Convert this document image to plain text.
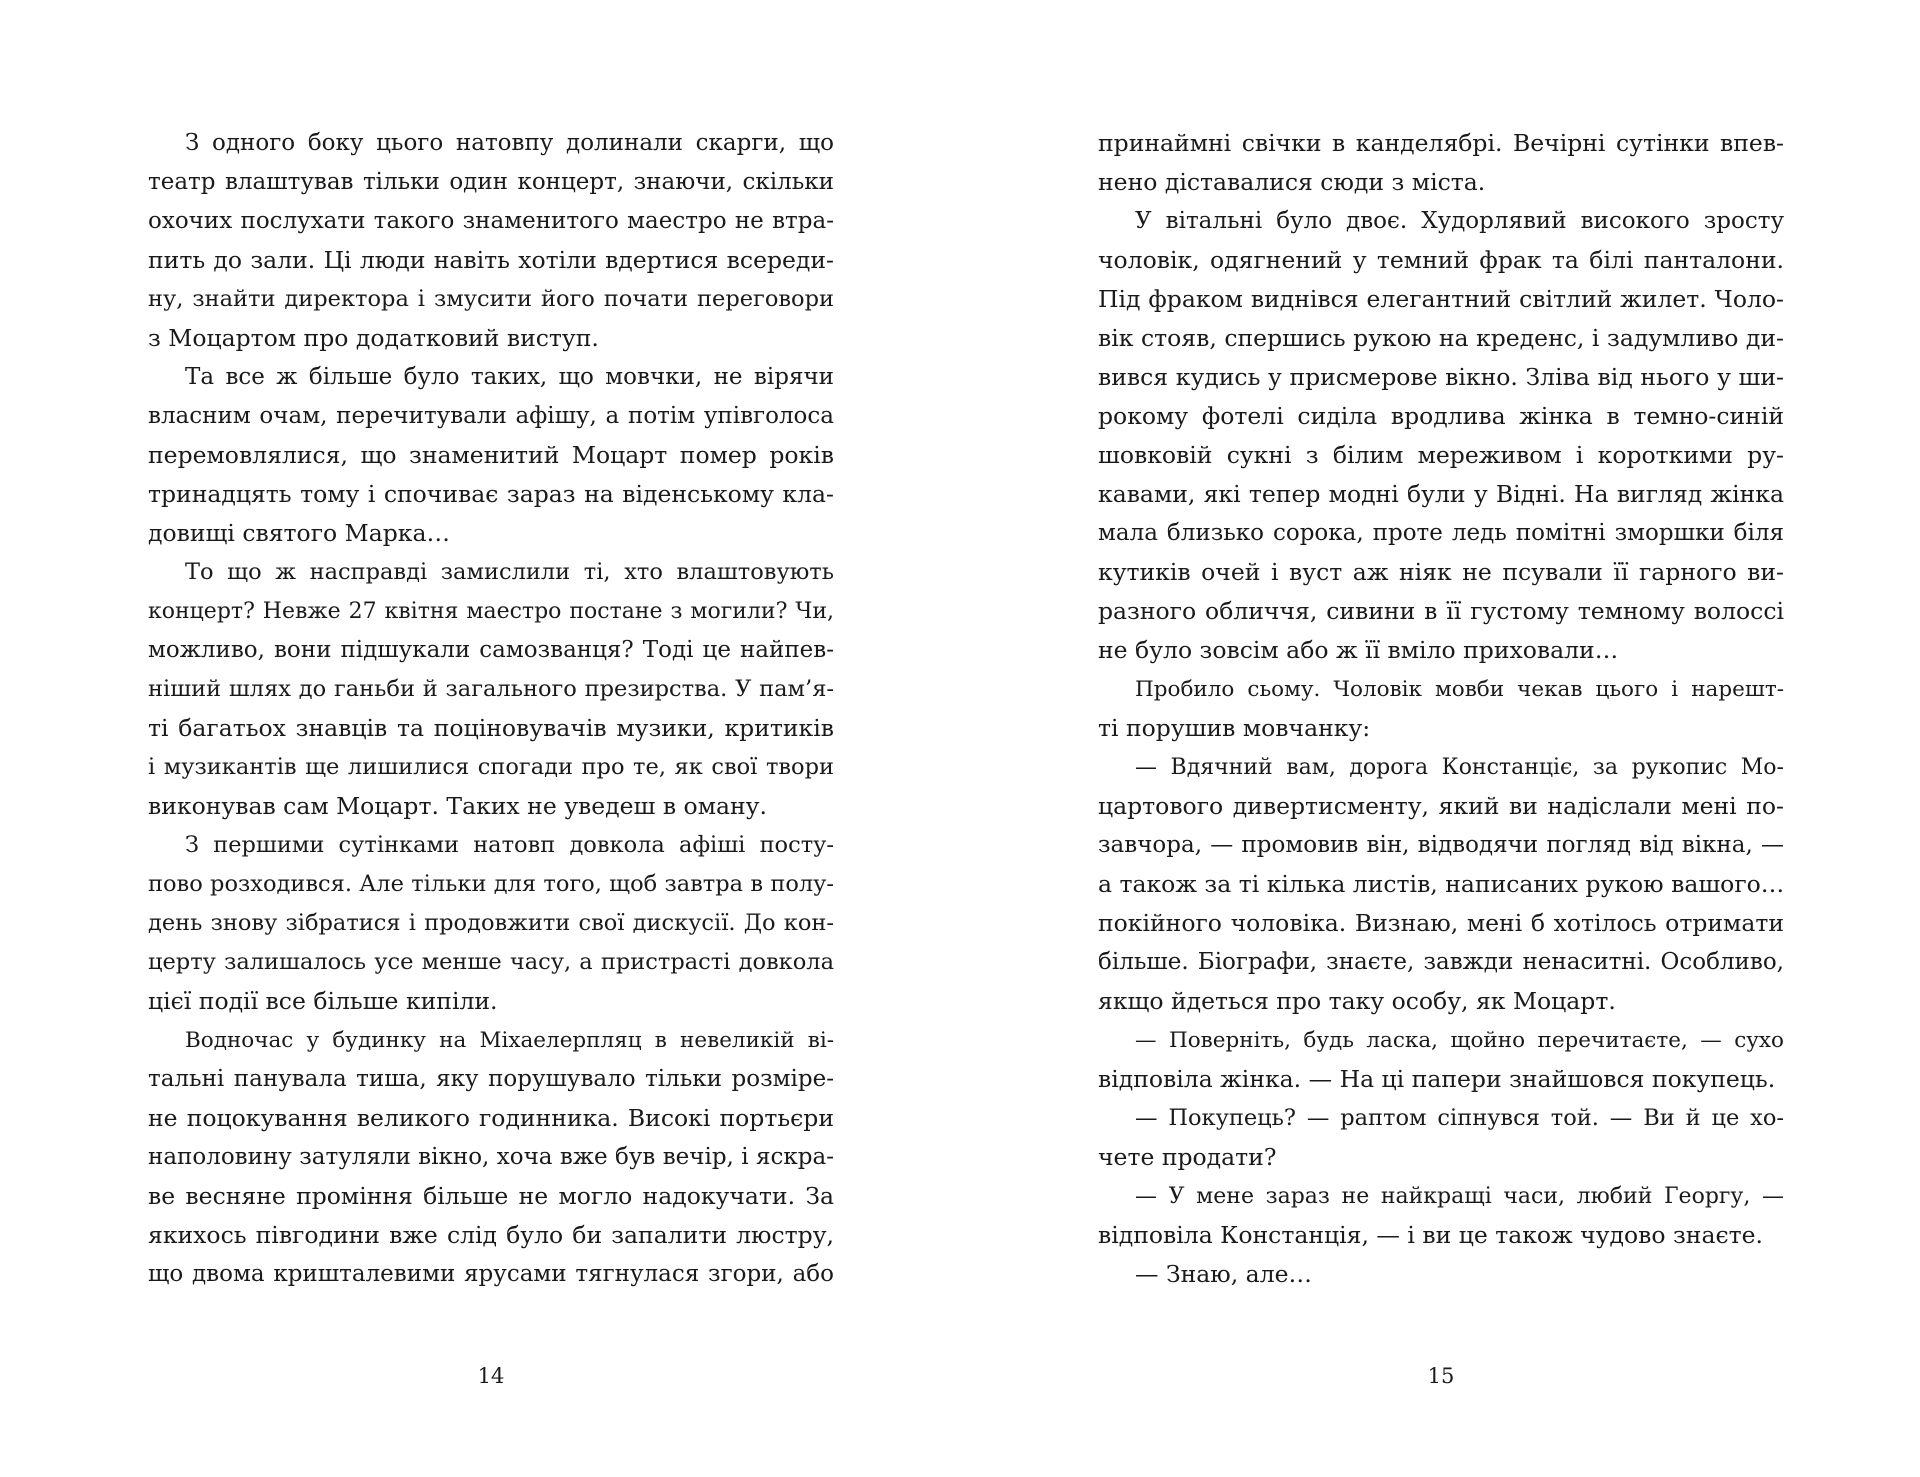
З одного боку цього натовпу долинали скарги, що
театр влаштував тільки один концерт, знаючи, скільки
охочих послухати такого знаменитого маестро не втра-
пить до зали. Ці люди навіть хотіли вдертися всереди-
ну, знайти директора і змусити його почати переговори
з Моцартом про додатковий виступ.
Та все ж більше було таких, що мовчки, не вірячи
власним очам, перечитували афішу, а потім упівголоса
перемовлялися, що знаменитий Моцарт помер років
тринадцять тому і спочиває зараз на віденському кла-
довищі святого Марка…
То що ж насправді замислили ті, хто влаштовують
концерт? Невже 27 квітня маестро постане з могили? Чи,
можливо, вони підшукали самозванця? Тоді це найпев-
ніший шлях до ганьби й загального презирства. У пам’я-
ті багатьох знавців та поціновувачів музики, критиків
і музикантів ще лишилися спогади про те, як свої твори
виконував сам Моцарт. Таких не уведеш в оману.
З першими сутінками натовп довкола афіші посту-
пово розходився. Але тільки для того, щоб завтра в полу-
день знову зібратися і продовжити свої дискусії. До кон-
церту залишалось усе менше часу, а пристрасті довкола
цієї події все більше кипіли.
Водночас у будинку на Міхаелерпляц в невеликій ві-
тальні панувала тиша, яку порушувало тільки розміре-
не поцокування великого годинника. Високі портьєри
наполовину затуляли вікно, хоча вже був вечір, і яскра-
ве весняне проміння більше не могло надокучати. За
якихось півгодини вже слід було би запалити люстру,
що двома кришталевими ярусами тягнулася згори, або
принаймні свічки в канделябрі. Вечірні сутінки впев-
нено діставалися сюди з міста.
У вітальні було двоє. Худорлявий високого зросту
чоловік, одягнений у темний фрак та білі панталони.
Під фраком виднівся елегантний світлий жилет. Чоло-
вік стояв, спершись рукою на креденс, і задумливо ди-
вився кудись у присмерове вікно. Зліва від нього у ши-
рокому фотелі сиділа вродлива жінка в темно-синій
шовковій сукні з білим мереживом і короткими ру-
кавами, які тепер модні були у Відні. На вигляд жінка
мала близько сорока, проте ледь помітні зморшки біля
кутиків очей і вуст аж ніяк не псували її гарного ви-
разного обличчя, сивини в її густому темному волоссі
не було зовсім або ж її вміло приховали…
Пробило сьому. Чоловік мовби чекав цього і нарешт-
ті порушив мовчанку:
— Вдячний вам, дорога Констанціє, за рукопис Мо-
цартового дивертисменту, який ви надіслали мені по-
завчора, — промовив він, відводячи погляд від вікна, —
а також за ті кілька листів, написаних рукою вашого…
покійного чоловіка. Визнаю, мені б хотілось отримати
більше. Біографи, знаєте, завжди ненаситні. Особливо,
якщо йдеться про таку особу, як Моцарт.
— Поверніть, будь ласка, щойно перечитаєте, — сухо
відповіла жінка. — На ці папери знайшовся покупець.
— Покупець? — раптом сіпнувся той. — Ви й це хо-
чете продати?
— У мене зараз не найкращі часи, любий Георгу, —
відповіла Констанція, — і ви це також чудово знаєте.
— Знаю, але…
14	15
